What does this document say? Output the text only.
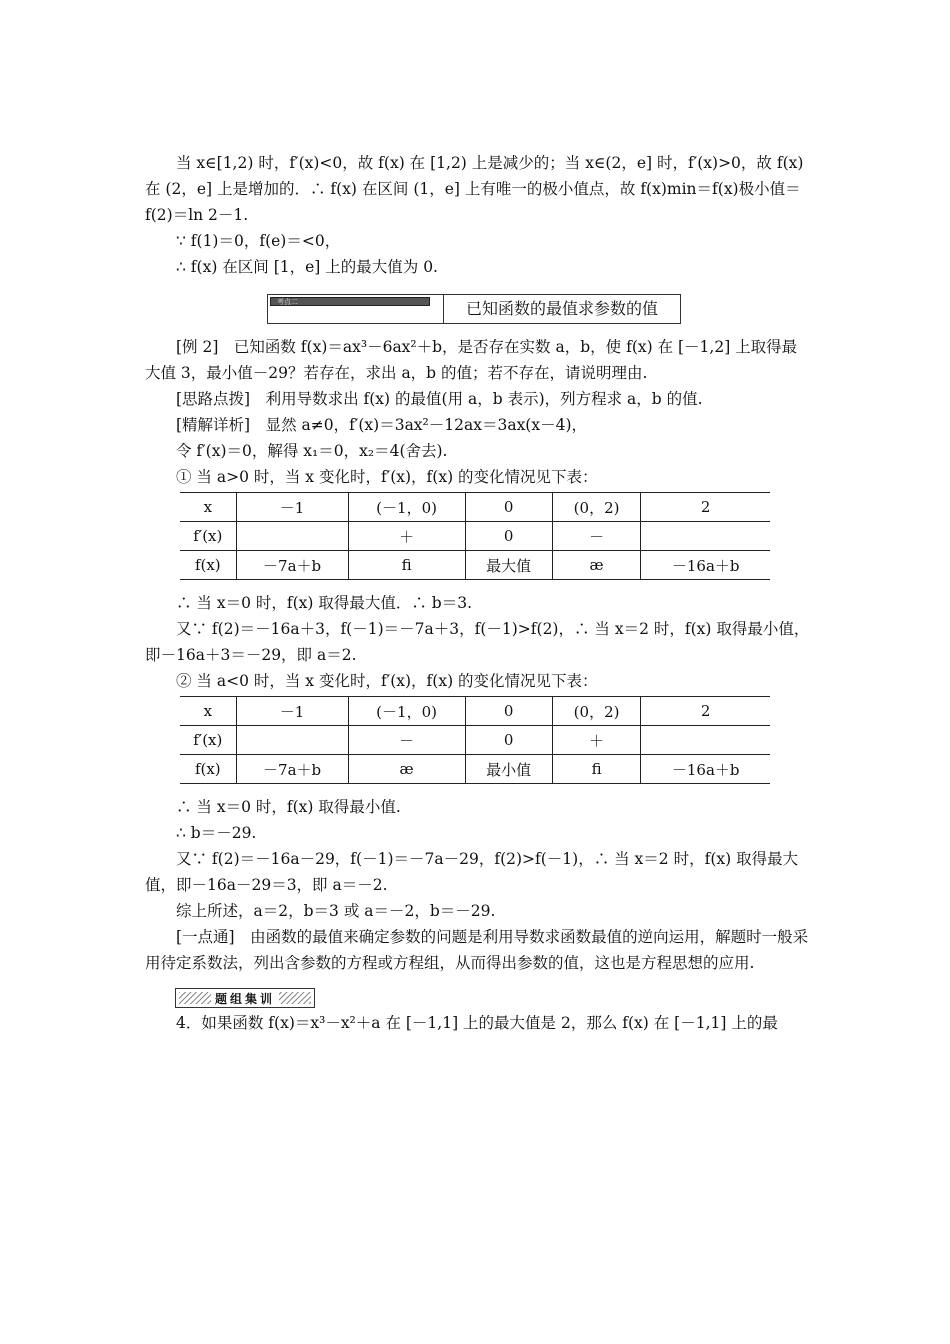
当 x∈[1,2) 时，f′(x)<0，故 f(x) 在 [1,2) 上是减少的；当 x∈(2，e] 时，f′(x)>0，故 f(x) 在 (2，e] 上是增加的．∴ f(x) 在区间 (1，e] 上有唯一的极小值点，故 f(x)min＝f(x)极小值＝f(2)＝ln 2－1.

∵ f(1)＝0，f(e)＝<0，

∴ f(x) 在区间 [1，e] 上的最大值为 0.

考点二	已知函数的最值求参数的值

[例 2]　已知函数 f(x)＝ax³－6ax²＋b，是否存在实数 a，b，使 f(x) 在 [－1,2] 上取得最大值 3，最小值－29？若存在，求出 a，b 的值；若不存在，请说明理由.

[思路点拨]　利用导数求出 f(x) 的最值(用 a，b 表示)，列方程求 a，b 的值.

[精解详析]　显然 a≠0，f′(x)＝3ax²－12ax＝3ax(x－4)，

令 f′(x)＝0，解得 x₁＝0，x₂＝4(舍去).

① 当 a>0 时，当 x 变化时，f′(x)，f(x) 的变化情况见下表：

x	－1	(－1，0)	0	(0，2)	2
f′(x)		＋	0	－	
f(x)	－7a＋b	ﬁ	最大值	æ	－16a＋b

∴ 当 x＝0 时，f(x) 取得最大值．∴ b＝3.

又∵ f(2)＝－16a＋3，f(－1)＝－7a＋3，f(－1)>f(2)，∴ 当 x＝2 时，f(x) 取得最小值，即－16a＋3＝－29，即 a＝2.

② 当 a<0 时，当 x 变化时，f′(x)，f(x) 的变化情况见下表：

x	－1	(－1，0)	0	(0，2)	2
f′(x)		－	0	＋	
f(x)	－7a＋b	æ	最小值	ﬁ	－16a＋b

∴ 当 x＝0 时，f(x) 取得最小值.

∴ b＝－29.

又∵ f(2)＝－16a－29，f(－1)＝－7a－29，f(2)>f(－1)，∴ 当 x＝2 时，f(x) 取得最大值，即－16a－29＝3，即 a＝－2.

综上所述，a＝2，b＝3 或 a＝－2，b＝－29.

[一点通]　由函数的最值来确定参数的问题是利用导数求函数最值的逆向运用，解题时一般采用待定系数法，列出含参数的方程或方程组，从而得出参数的值，这也是方程思想的应用.

题组集训

4．如果函数 f(x)＝x³－x²＋a 在 [－1,1] 上的最大值是 2，那么 f(x) 在 [－1,1] 上的最
